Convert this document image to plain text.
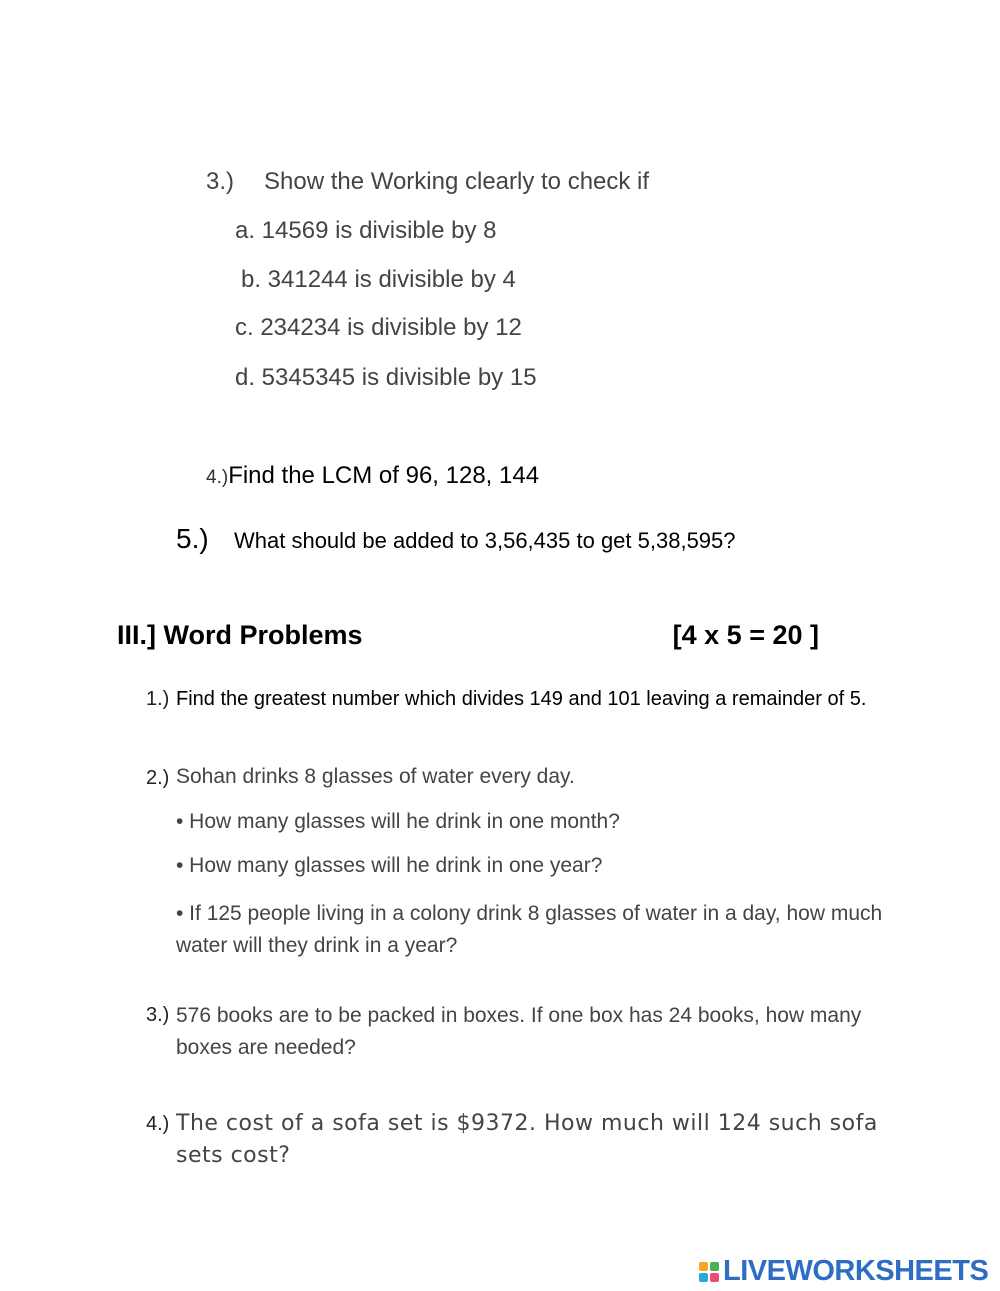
3.) Show the Working clearly to check if
a. 14569 is divisible by 8
b. 341244 is divisible by 4
c. 234234 is divisible by 12
d. 5345345 is divisible by 15
4.)Find the LCM of 96, 128, 144
5.) What should be added to 3,56,435 to get 5,38,595?
III.] Word Problems	[4 x 5 = 20 ]
1.) Find the greatest number which divides 149 and 101 leaving a remainder of 5.
2.) Sohan drinks 8 glasses of water every day.
• How many glasses will he drink in one month?
• How many glasses will he drink in one year?
• If 125 people living in a colony drink 8 glasses of water in a day, how much water will they drink in a year?
3.) 576 books are to be packed in boxes. If one box has 24 books, how many boxes are needed?
4.) The cost of a sofa set is $9372. How much will 124 such sofa sets cost?
LIVEWORKSHEETS
